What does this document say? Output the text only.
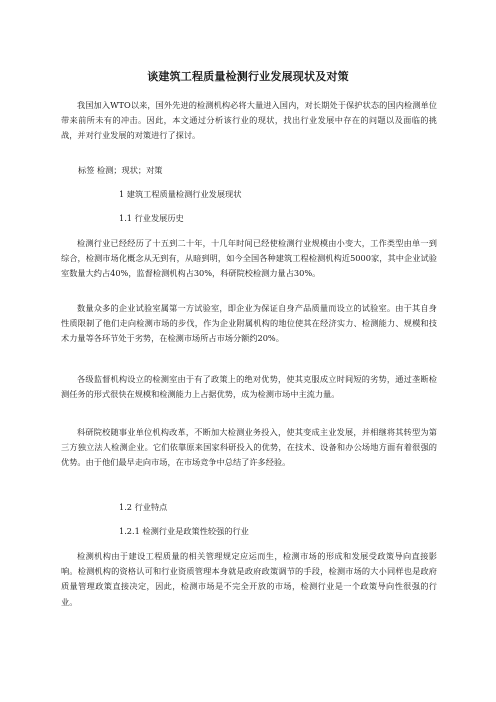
谈建筑工程质量检测行业发展现状及对策

我国加入WTO以来，国外先进的检测机构必将大量进入国内，对长期处于保护状态的国内检测单位带来前所未有的冲击。因此，本文通过分析该行业的现状，找出行业发展中存在的问题以及面临的挑战，并对行业发展的对策进行了探讨。

标签 检测；现状；对策
1 建筑工程质量检测行业发展现状
1.1 行业发展历史

检测行业已经经历了十五到二十年，十几年时间已经使检测行业规模由小变大，工作类型由单一到综合，检测市场化概念从无到有，从暗到明，如今全国各种建筑工程检测机构近5000家，其中企业试验室数量大约占40%，监督检测机构占30%，科研院校检测力量占30%。

数量众多的企业试验室属第一方试验室，即企业为保证自身产品质量而设立的试验室。由于其自身性质限制了他们走向检测市场的步伐，作为企业附属机构的地位使其在经济实力、检测能力、规模和技术力量等各环节处于劣势，在检测市场所占市场分额约20%。

各级监督机构设立的检测室由于有了政策上的绝对优势，使其克服成立时间短的劣势，通过垄断检测任务的形式很快在规模和检测能力上占据优势，成为检测市场中主流力量。

科研院校随事业单位机构改革，不断加大检测业务投入，使其变成主业发展，并相继将其转型为第三方独立法人检测企业。它们依靠原来国家科研投入的优势，在技术、设备和办公场地方面有着很强的优势。由于他们最早走向市场，在市场竞争中总结了许多经验。

1.2 行业特点
1.2.1 检测行业是政策性较强的行业

检测机构由于建设工程质量的相关管理规定应运而生，检测市场的形成和发展受政策导向直接影响。检测机构的资格认可和行业资质管理本身就是政府政策调节的手段，检测市场的大小同样也是政府质量管理政策直接决定，因此，检测市场是不完全开放的市场，检测行业是一个政策导向性很强的行业。
